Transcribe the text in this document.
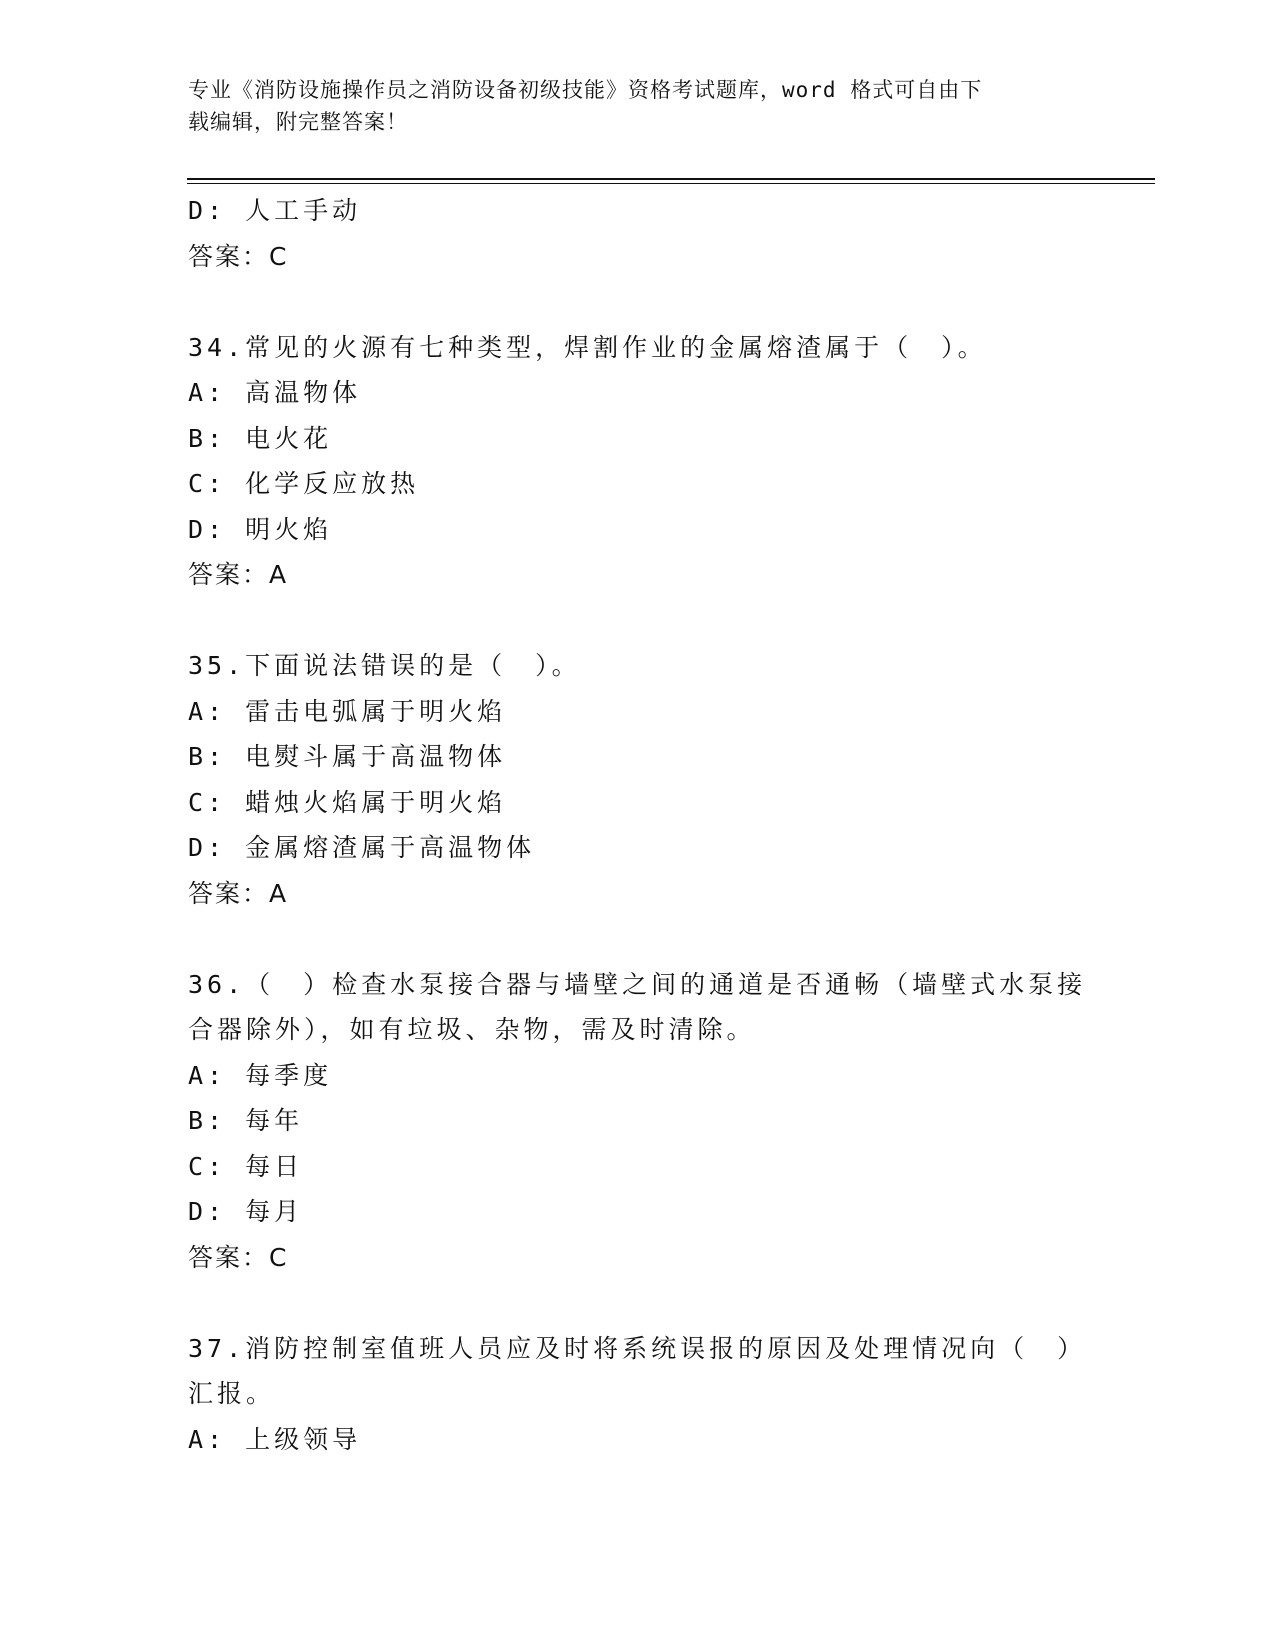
专业《消防设施操作员之消防设备初级技能》资格考试题库，word 格式可自由下
载编辑，附完整答案！
D: 人工手动
答案：C
34.常见的火源有七种类型，焊割作业的金属熔渣属于（　）。
A: 高温物体
B: 电火花
C: 化学反应放热
D: 明火焰
答案：A
35.下面说法错误的是（　）。
A: 雷击电弧属于明火焰
B: 电熨斗属于高温物体
C: 蜡烛火焰属于明火焰
D: 金属熔渣属于高温物体
答案：A
36.（　）检查水泵接合器与墙壁之间的通道是否通畅（墙壁式水泵接
合器除外），如有垃圾、杂物，需及时清除。
A: 每季度
B: 每年
C: 每日
D: 每月
答案：C
37.消防控制室值班人员应及时将系统误报的原因及处理情况向（　）
汇报。
A: 上级领导
